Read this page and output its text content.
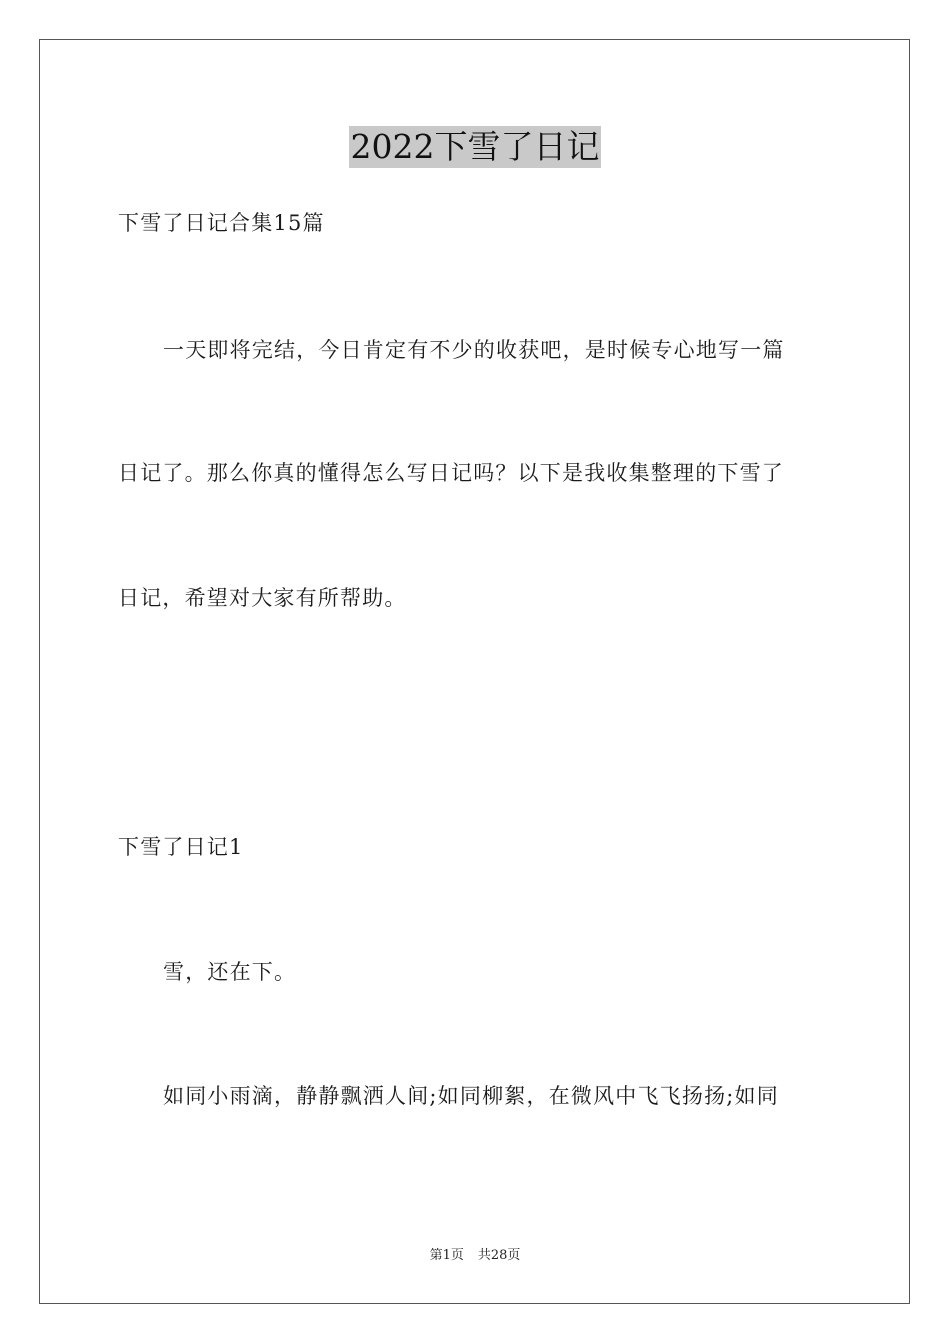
2022下雪了日记
下雪了日记合集15篇
一天即将完结，今日肯定有不少的收获吧，是时候专心地写一篇
日记了。那么你真的懂得怎么写日记吗？以下是我收集整理的下雪了
日记，希望对大家有所帮助。
下雪了日记1
雪，还在下。
如同小雨滴，静静飘洒人间;如同柳絮，在微风中飞飞扬扬;如同
第1页 共28页
